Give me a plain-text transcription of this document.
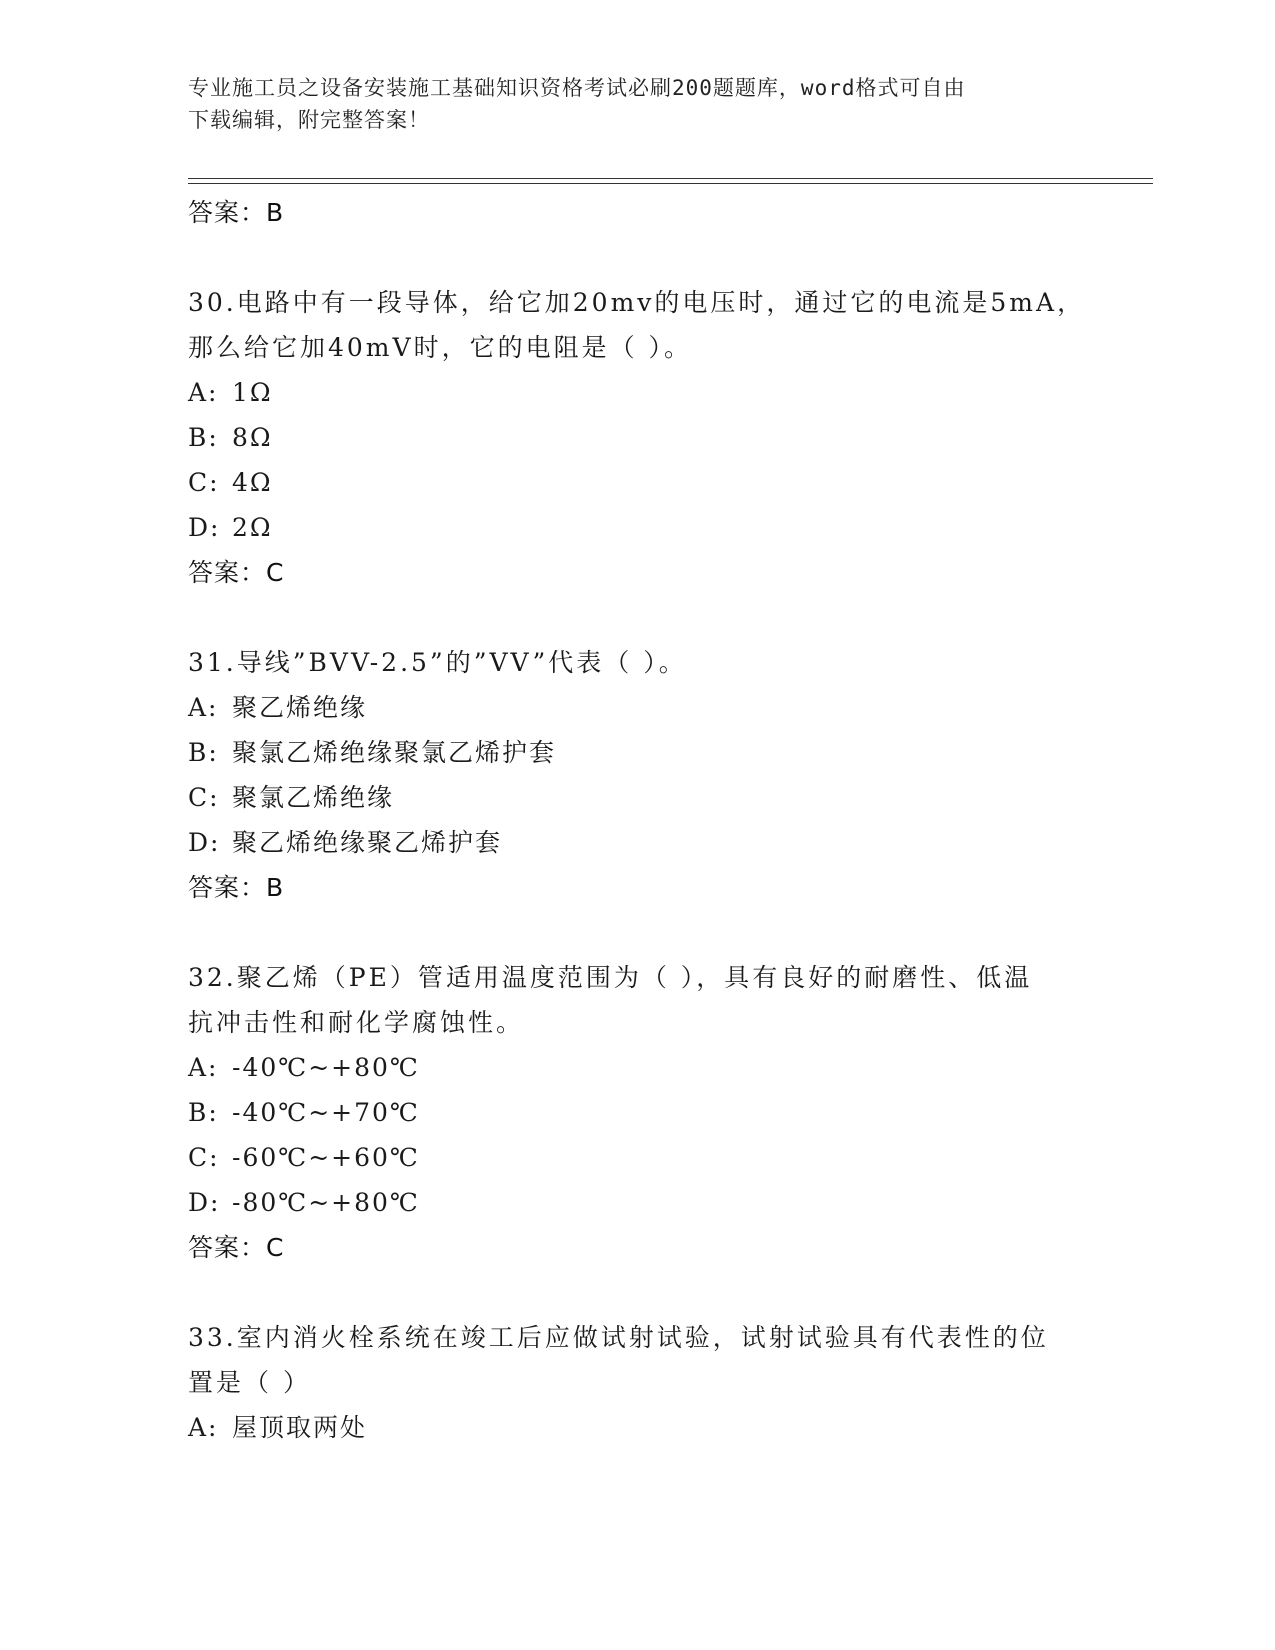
专业施工员之设备安装施工基础知识资格考试必刷200题题库，word格式可自由
下载编辑，附完整答案！
答案：B
30.电路中有一段导体，给它加20mv的电压时，通过它的电流是5mA，
那么给它加40mV时，它的电阻是（ ）。
A: 1Ω
B: 8Ω
C: 4Ω
D: 2Ω
答案：C
31.导线”BVV-2.5”的”VV”代表（ ）。
A: 聚乙烯绝缘
B: 聚氯乙烯绝缘聚氯乙烯护套
C: 聚氯乙烯绝缘
D: 聚乙烯绝缘聚乙烯护套
答案：B
32.聚乙烯（PE）管适用温度范围为（ ），具有良好的耐磨性、低温
抗冲击性和耐化学腐蚀性。
A: -40℃~+80℃
B: -40℃~+70℃
C: -60℃~+60℃
D: -80℃~+80℃
答案：C
33.室内消火栓系统在竣工后应做试射试验，试射试验具有代表性的位
置是（ ）
A: 屋顶取两处
